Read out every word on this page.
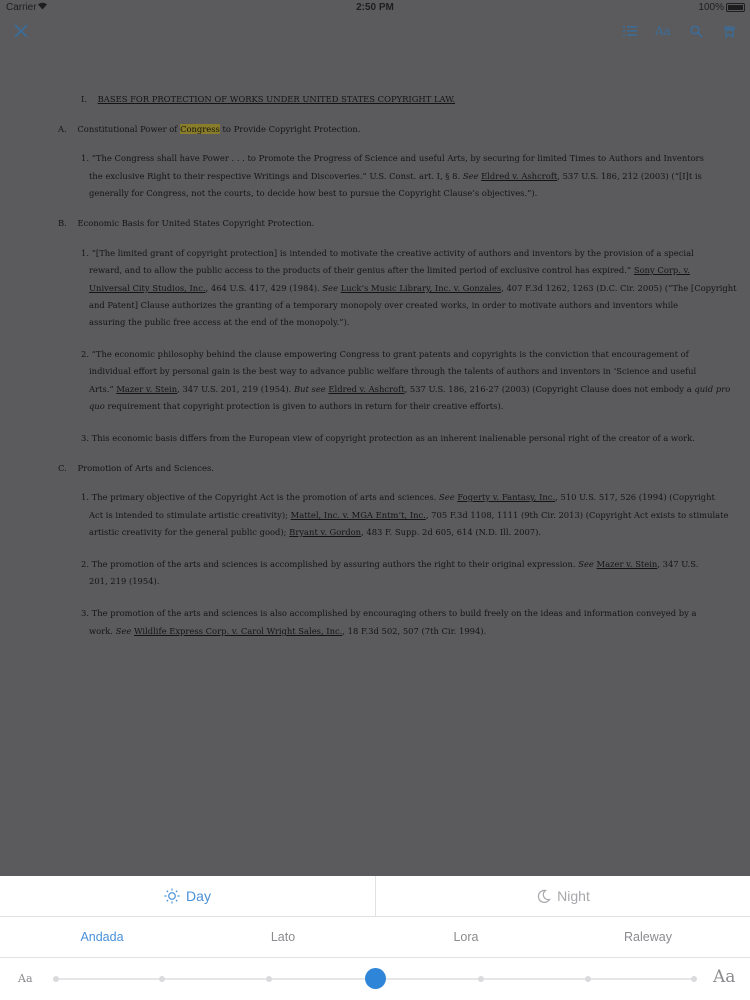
Carrier	2:50 PM	100%
Aa

I. BASES FOR PROTECTION OF WORKS UNDER UNITED STATES COPYRIGHT LAW.

A. Constitutional Power of Congress to Provide Copyright Protection.

1. “The Congress shall have Power . . . to Promote the Progress of Science and useful Arts, by securing for limited Times to Authors and Inventors

the exclusive Right to their respective Writings and Discoveries.” U.S. Const. art. I, § 8. See Eldred v. Ashcroft, 537 U.S. 186, 212 (2003) (“[I]t is

generally for Congress, not the courts, to decide how best to pursue the Copyright Clause’s objectives.”).

B. Economic Basis for United States Copyright Protection.

1. “[The limited grant of copyright protection] is intended to motivate the creative activity of authors and inventors by the provision of a special

reward, and to allow the public access to the products of their genius after the limited period of exclusive control has expired.” Sony Corp. v.

Universal City Studios, Inc., 464 U.S. 417, 429 (1984). See Luck’s Music Library, Inc. v. Gonzales, 407 F.3d 1262, 1263 (D.C. Cir. 2005) (“The [Copyright

and Patent] Clause authorizes the granting of a temporary monopoly over created works, in order to motivate authors and inventors while

assuring the public free access at the end of the monopoly.”).

2. “The economic philosophy behind the clause empowering Congress to grant patents and copyrights is the conviction that encouragement of

individual effort by personal gain is the best way to advance public welfare through the talents of authors and inventors in ‘Science and useful

Arts.” Mazer v. Stein, 347 U.S. 201, 219 (1954). But see Eldred v. Ashcroft, 537 U.S. 186, 216-27 (2003) (Copyright Clause does not embody a quid pro

quo requirement that copyright protection is given to authors in return for their creative efforts).

3. This economic basis differs from the European view of copyright protection as an inherent inalienable personal right of the creator of a work.

C. Promotion of Arts and Sciences.

1. The primary objective of the Copyright Act is the promotion of arts and sciences. See Fogerty v. Fantasy, Inc., 510 U.S. 517, 526 (1994) (Copyright

Act is intended to stimulate artistic creativity); Mattel, Inc. v. MGA Entm’t, Inc., 705 F.3d 1108, 1111 (9th Cir. 2013) (Copyright Act exists to stimulate

artistic creativity for the general public good); Bryant v. Gordon, 483 F. Supp. 2d 605, 614 (N.D. Ill. 2007).

2. The promotion of the arts and sciences is accomplished by assuring authors the right to their original expression. See Mazer v. Stein, 347 U.S.

201, 219 (1954).

3. The promotion of the arts and sciences is also accomplished by encouraging others to build freely on the ideas and information conveyed by a

work. See Wildlife Express Corp. v. Carol Wright Sales, Inc., 18 F.3d 502, 507 (7th Cir. 1994).

Day	Night
Andada	Lato	Lora	Raleway
Aa	Aa
